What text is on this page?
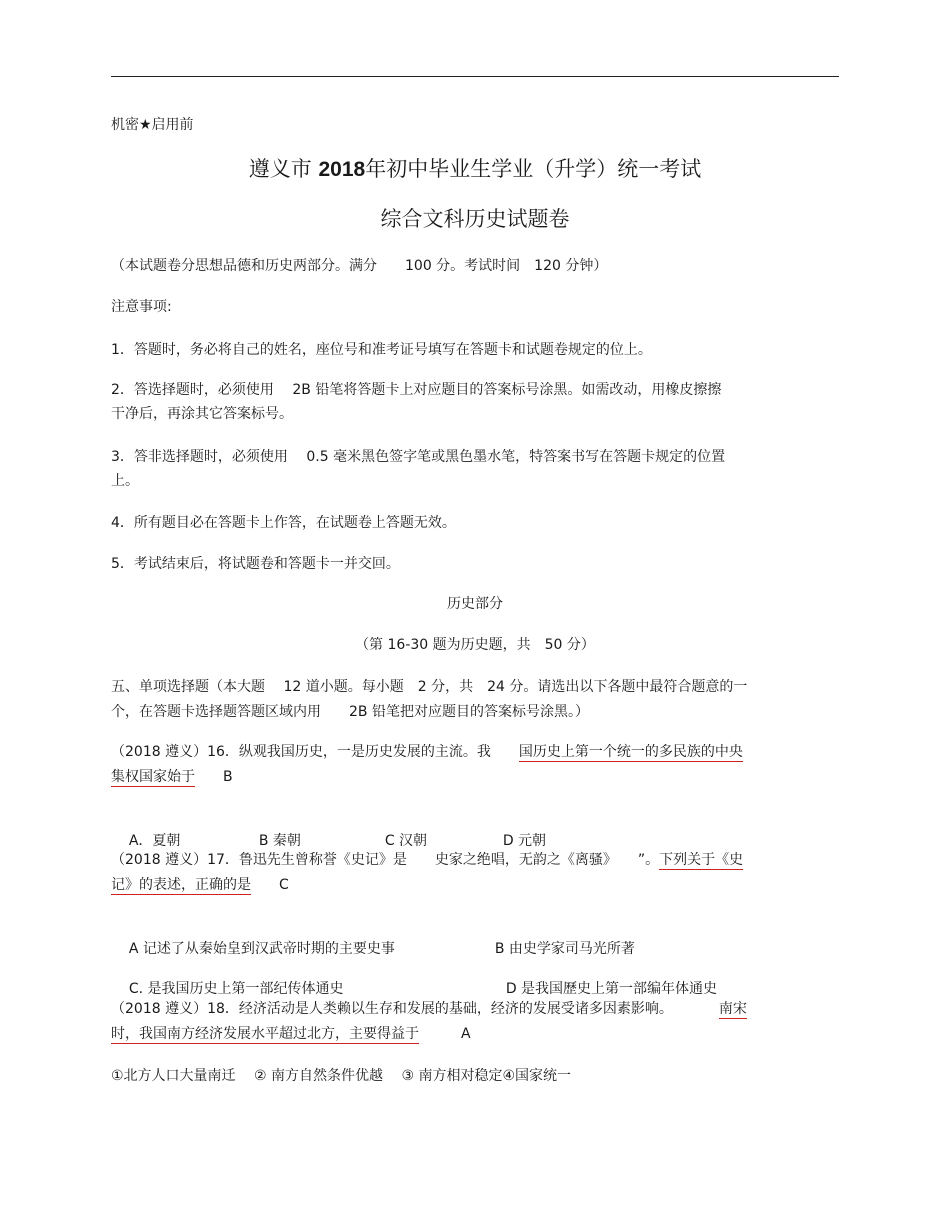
机密★启用前
遵义市 2018年初中毕业生学业（升学）统一考试
综合文科历史试题卷
（本试题卷分思想品德和历史两部分。满分　　100 分。考试时间　120 分钟）
注意事项:
1．答题时，务必将自己的姓名，座位号和准考证号填写在答题卡和试题卷规定的位上。
2．答选择题时，必须使用　 2B 铅笔将答题卡上对应题目的答案标号涂黑。如需改动，用橡皮擦擦
干净后，再涂其它答案标号。
3．答非选择题时，必须使用　 0.5 毫米黑色签字笔或黑色墨水笔，特答案书写在答题卡规定的位置
上。
4．所有题目必在答题卡上作答，在试题卷上答题无效。
5．考试结束后，将试题卷和答题卡一并交回。
历史部分
（第 16-30 题为历史题，共　50 分）
五、单项选择题（本大题　 12 道小题。每小题　2 分，共　24 分。请选出以下各题中最符合题意的一
个，在答题卡选择题答题区域内用　　2B 铅笔把对应题目的答案标号涂黑。）
（2018 遵义）16．纵观我国历史，一是历史发展的主流。我　　国历史上第一个统一的多民族的中央
集权国家始于　　 B

A．夏朝	B 秦朝	C 汉朝	D 元朝

（2018 遵义）17．鲁迅先生曾称誉《史记》是　　史家之绝唱，无韵之《离骚》　　”。下列关于《史
记》的表述，正确的是　　 C

A 记述了从秦始皇到汉武帝时期的主要史事	B 由史学家司马光所著

C. 是我国历史上第一部纪传体通史	D 是我国歷史上第一部编年体通史

（2018 遵义）18．经济活动是人类赖以生存和发展的基础，经济的发展受诸多因素影响。	南宋
时，我国南方经济发展水平超过北方，主要得益于　　　	A
①北方人口大量南迁　 ② 南方自然条件优越　 ③ 南方相对稳定④国家统一
